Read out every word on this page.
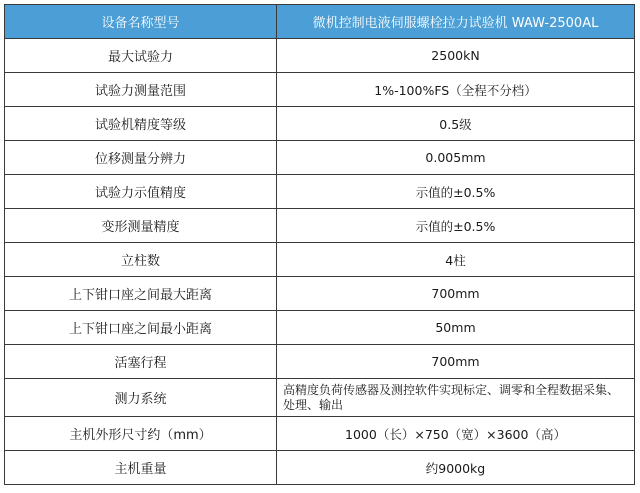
设备名称型号	微机控制电液伺服螺栓拉力试验机 WAW-2500AL
最大试验力	2500kN
试验力测量范围	1%-100%FS（全程不分档）
试验机精度等级	0.5级
位移测量分辨力	0.005mm
试验力示值精度	示值的±0.5%
变形测量精度	示值的±0.5%
立柱数	4柱
上下钳口座之间最大距离	700mm
上下钳口座之间最小距离	50mm
活塞行程	700mm
测力系统	高精度负荷传感器及测控软件实现标定、调零和全程数据采集、处理、输出
主机外形尺寸约（mm）	1000（长）×750（宽）×3600（高）
主机重量	约9000kg
